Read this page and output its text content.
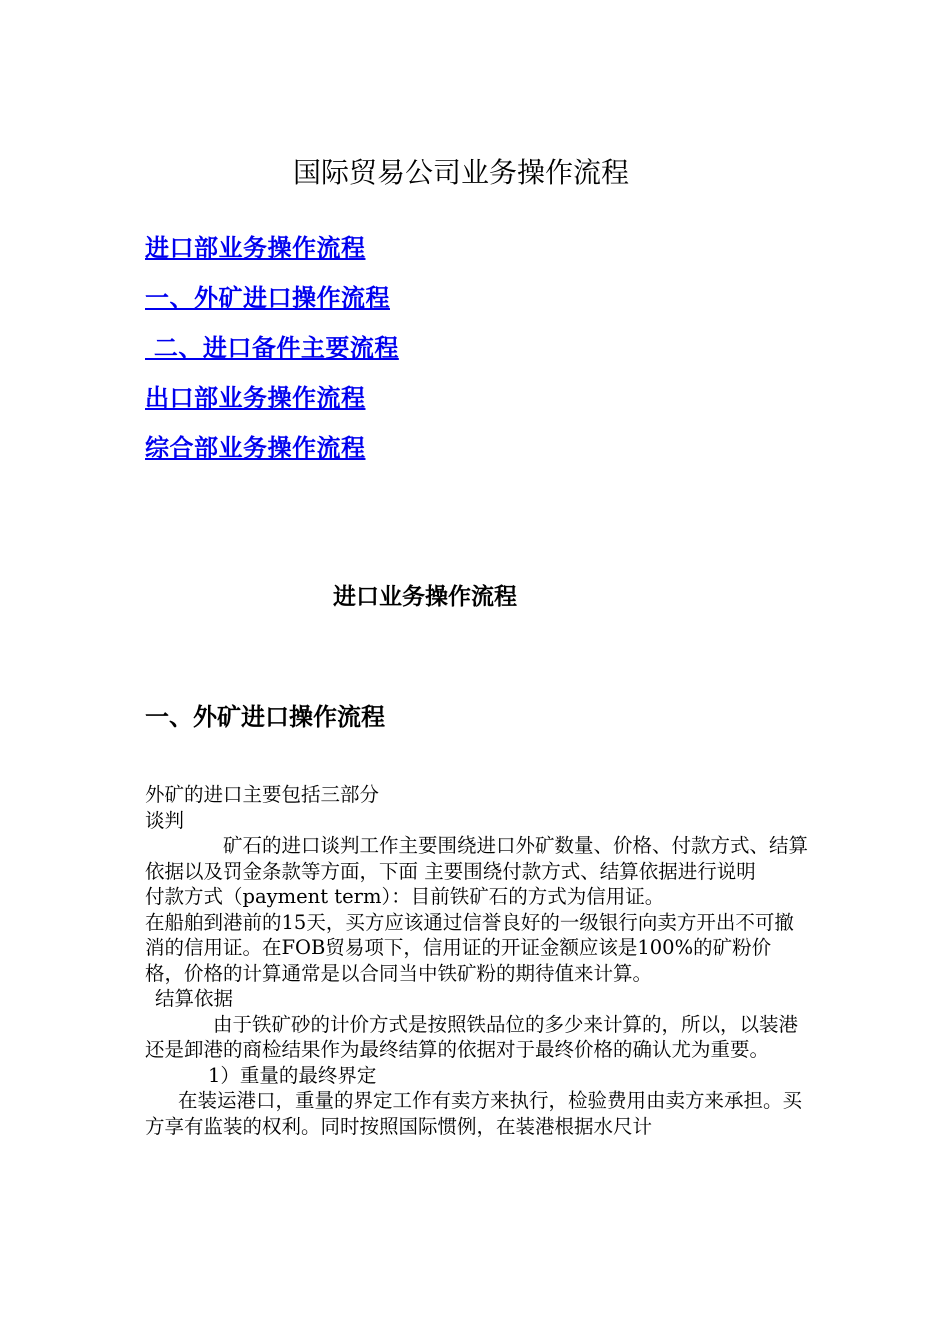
国际贸易公司业务操作流程
进口部业务操作流程
一、外矿进口操作流程
二、进口备件主要流程
出口部业务操作流程
综合部业务操作流程
进口业务操作流程
一、外矿进口操作流程

外矿的进口主要包括三部分

谈判

矿石的进口谈判工作主要围绕进口外矿数量、价格、付款方式、结算依据以及罚金条款等方面，下面 主要围绕付款方式、结算依据进行说明

付款方式（payment term）：目前铁矿石的方式为信用证。

在船舶到港前的15天，买方应该通过信誉良好的一级银行向卖方开出不可撤消的信用证。在FOB贸易项下，信用证的开证金额应该是100%的矿粉价格，价格的计算通常是以合同当中铁矿粉的期待值来计算。

结算依据

由于铁矿砂的计价方式是按照铁品位的多少来计算的，所以，以装港还是卸港的商检结果作为最终结算的依据对于最终价格的确认尤为重要。

1）重量的最终界定

在装运港口，重量的界定工作有卖方来执行，检验费用由卖方来承担。买方享有监装的权利。同时按照国际惯例，在装港根据水尺计
